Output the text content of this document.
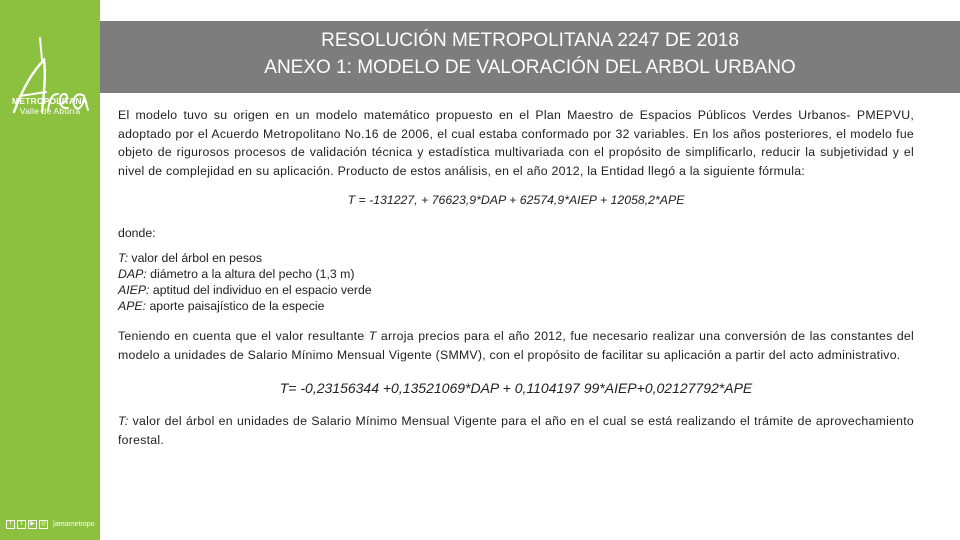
METROPOLITANA
Valle de Aburrá
f	t	▶	◎ |areametropo
RESOLUCIÓN METROPOLITANA 2247 DE 2018
ANEXO 1: MODELO DE VALORACIÓN DEL ARBOL URBANO

El modelo tuvo su origen en un modelo matemático propuesto en el Plan Maestro de Espacios Públicos Verdes Urbanos- PMEPVU, adoptado por el Acuerdo Metropolitano No.16 de 2006, el cual estaba conformado por 32 variables. En los años posteriores, el modelo fue objeto de rigurosos procesos de validación técnica y estadística multivariada con el propósito de simplificarlo, reducir la subjetividad y el nivel de complejidad en su aplicación. Producto de estos análisis, en el año 2012, la Entidad llegó a la siguiente fórmula:

T = -131227, + 76623,9*DAP + 62574,9*AIEP + 12058,2*APE

donde:

T: valor del árbol en pesos

DAP: diámetro a la altura del pecho (1,3 m)

AIEP: aptitud del individuo en el espacio verde

APE: aporte paisajístico de la especie

Teniendo en cuenta que el valor resultante T arroja precios para el año 2012, fue necesario realizar una conversión de las constantes del modelo a unidades de Salario Mínimo Mensual Vigente (SMMV), con el propósito de facilitar su aplicación a partir del acto administrativo.

T= -0,23156344 +0,13521069*DAP + 0,1104197 99*AIEP+0,02127792*APE

T: valor del árbol en unidades de Salario Mínimo Mensual Vigente para el año en el cual se está realizando el trámite de aprovechamiento forestal.
